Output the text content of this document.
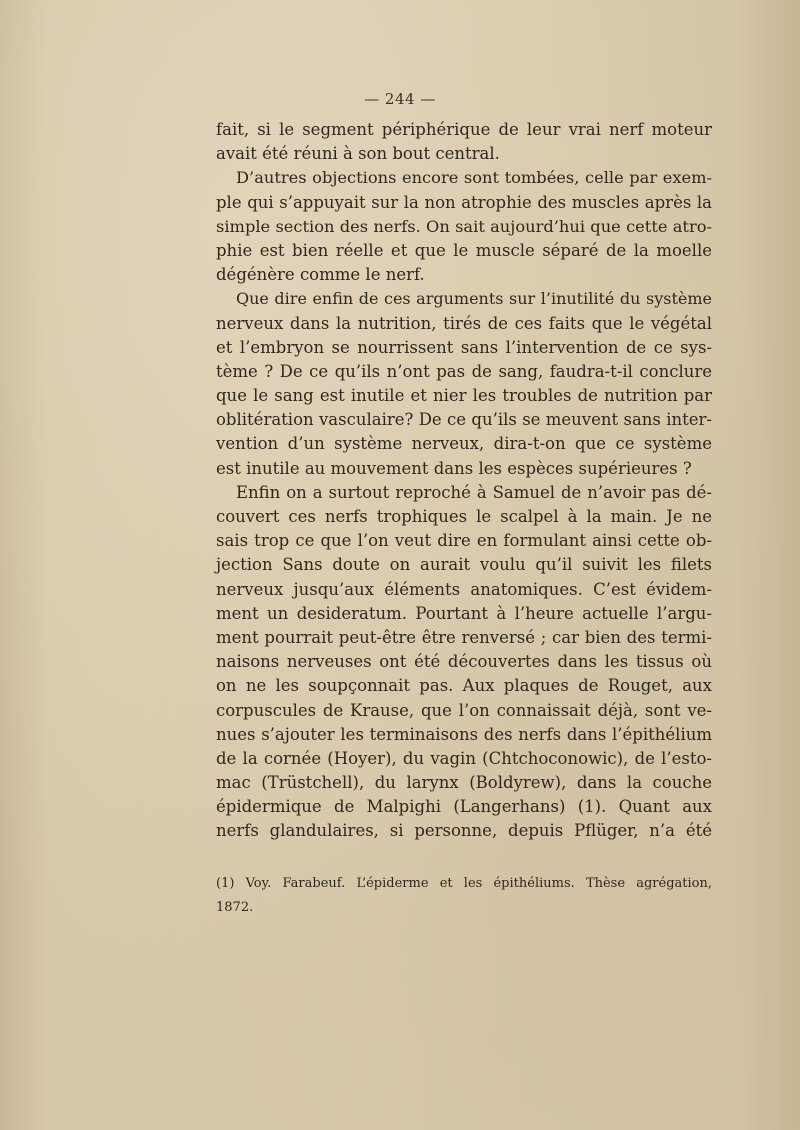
— 244 —
fait, si le segment périphérique de leur vrai nerf moteur
avait été réuni à son bout central.
D’autres objections encore sont tombées, celle par exem-
ple qui s’appuyait sur la non atrophie des muscles après la
simple section des nerfs. On sait aujourd’hui que cette atro-
phie est bien réelle et que le muscle séparé de la moelle
dégénère comme le nerf.
Que dire enfin de ces arguments sur l’inutilité du système
nerveux dans la nutrition, tirés de ces faits que le végétal
et l’embryon se nourrissent sans l’intervention de ce sys-
tème ? De ce qu’ils n’ont pas de sang, faudra-t-il conclure
que le sang est inutile et nier les troubles de nutrition par
oblitération vasculaire? De ce qu’ils se meuvent sans inter-
vention d’un système nerveux, dira-t-on que ce système
est inutile au mouvement dans les espèces supérieures ?
Enfin on a surtout reproché à Samuel de n’avoir pas dé-
couvert ces nerfs trophiques le scalpel à la main. Je ne
sais trop ce que l’on veut dire en formulant ainsi cette ob-
jection Sans doute on aurait voulu qu’il suivit les filets
nerveux jusqu’aux éléments anatomiques. C’est évidem-
ment un desideratum. Pourtant à l’heure actuelle l’argu-
ment pourrait peut-être être renversé ; car bien des termi-
naisons nerveuses ont été découvertes dans les tissus où
on ne les soupçonnait pas. Aux plaques de Rouget, aux
corpuscules de Krause, que l’on connaissait déjà, sont ve-
nues s’ajouter les terminaisons des nerfs dans l’épithélium
de la cornée (Hoyer), du vagin (Chtchoconowic), de l’esto-
mac (Trüstchell), du larynx (Boldyrew), dans la couche
épidermique de Malpighi (Langerhans) (1). Quant aux
nerfs glandulaires, si personne, depuis Pflüger, n’a été
(1) Voy. Farabeuf. L’épiderme et les épithéliums. Thèse agrégation,
1872.
